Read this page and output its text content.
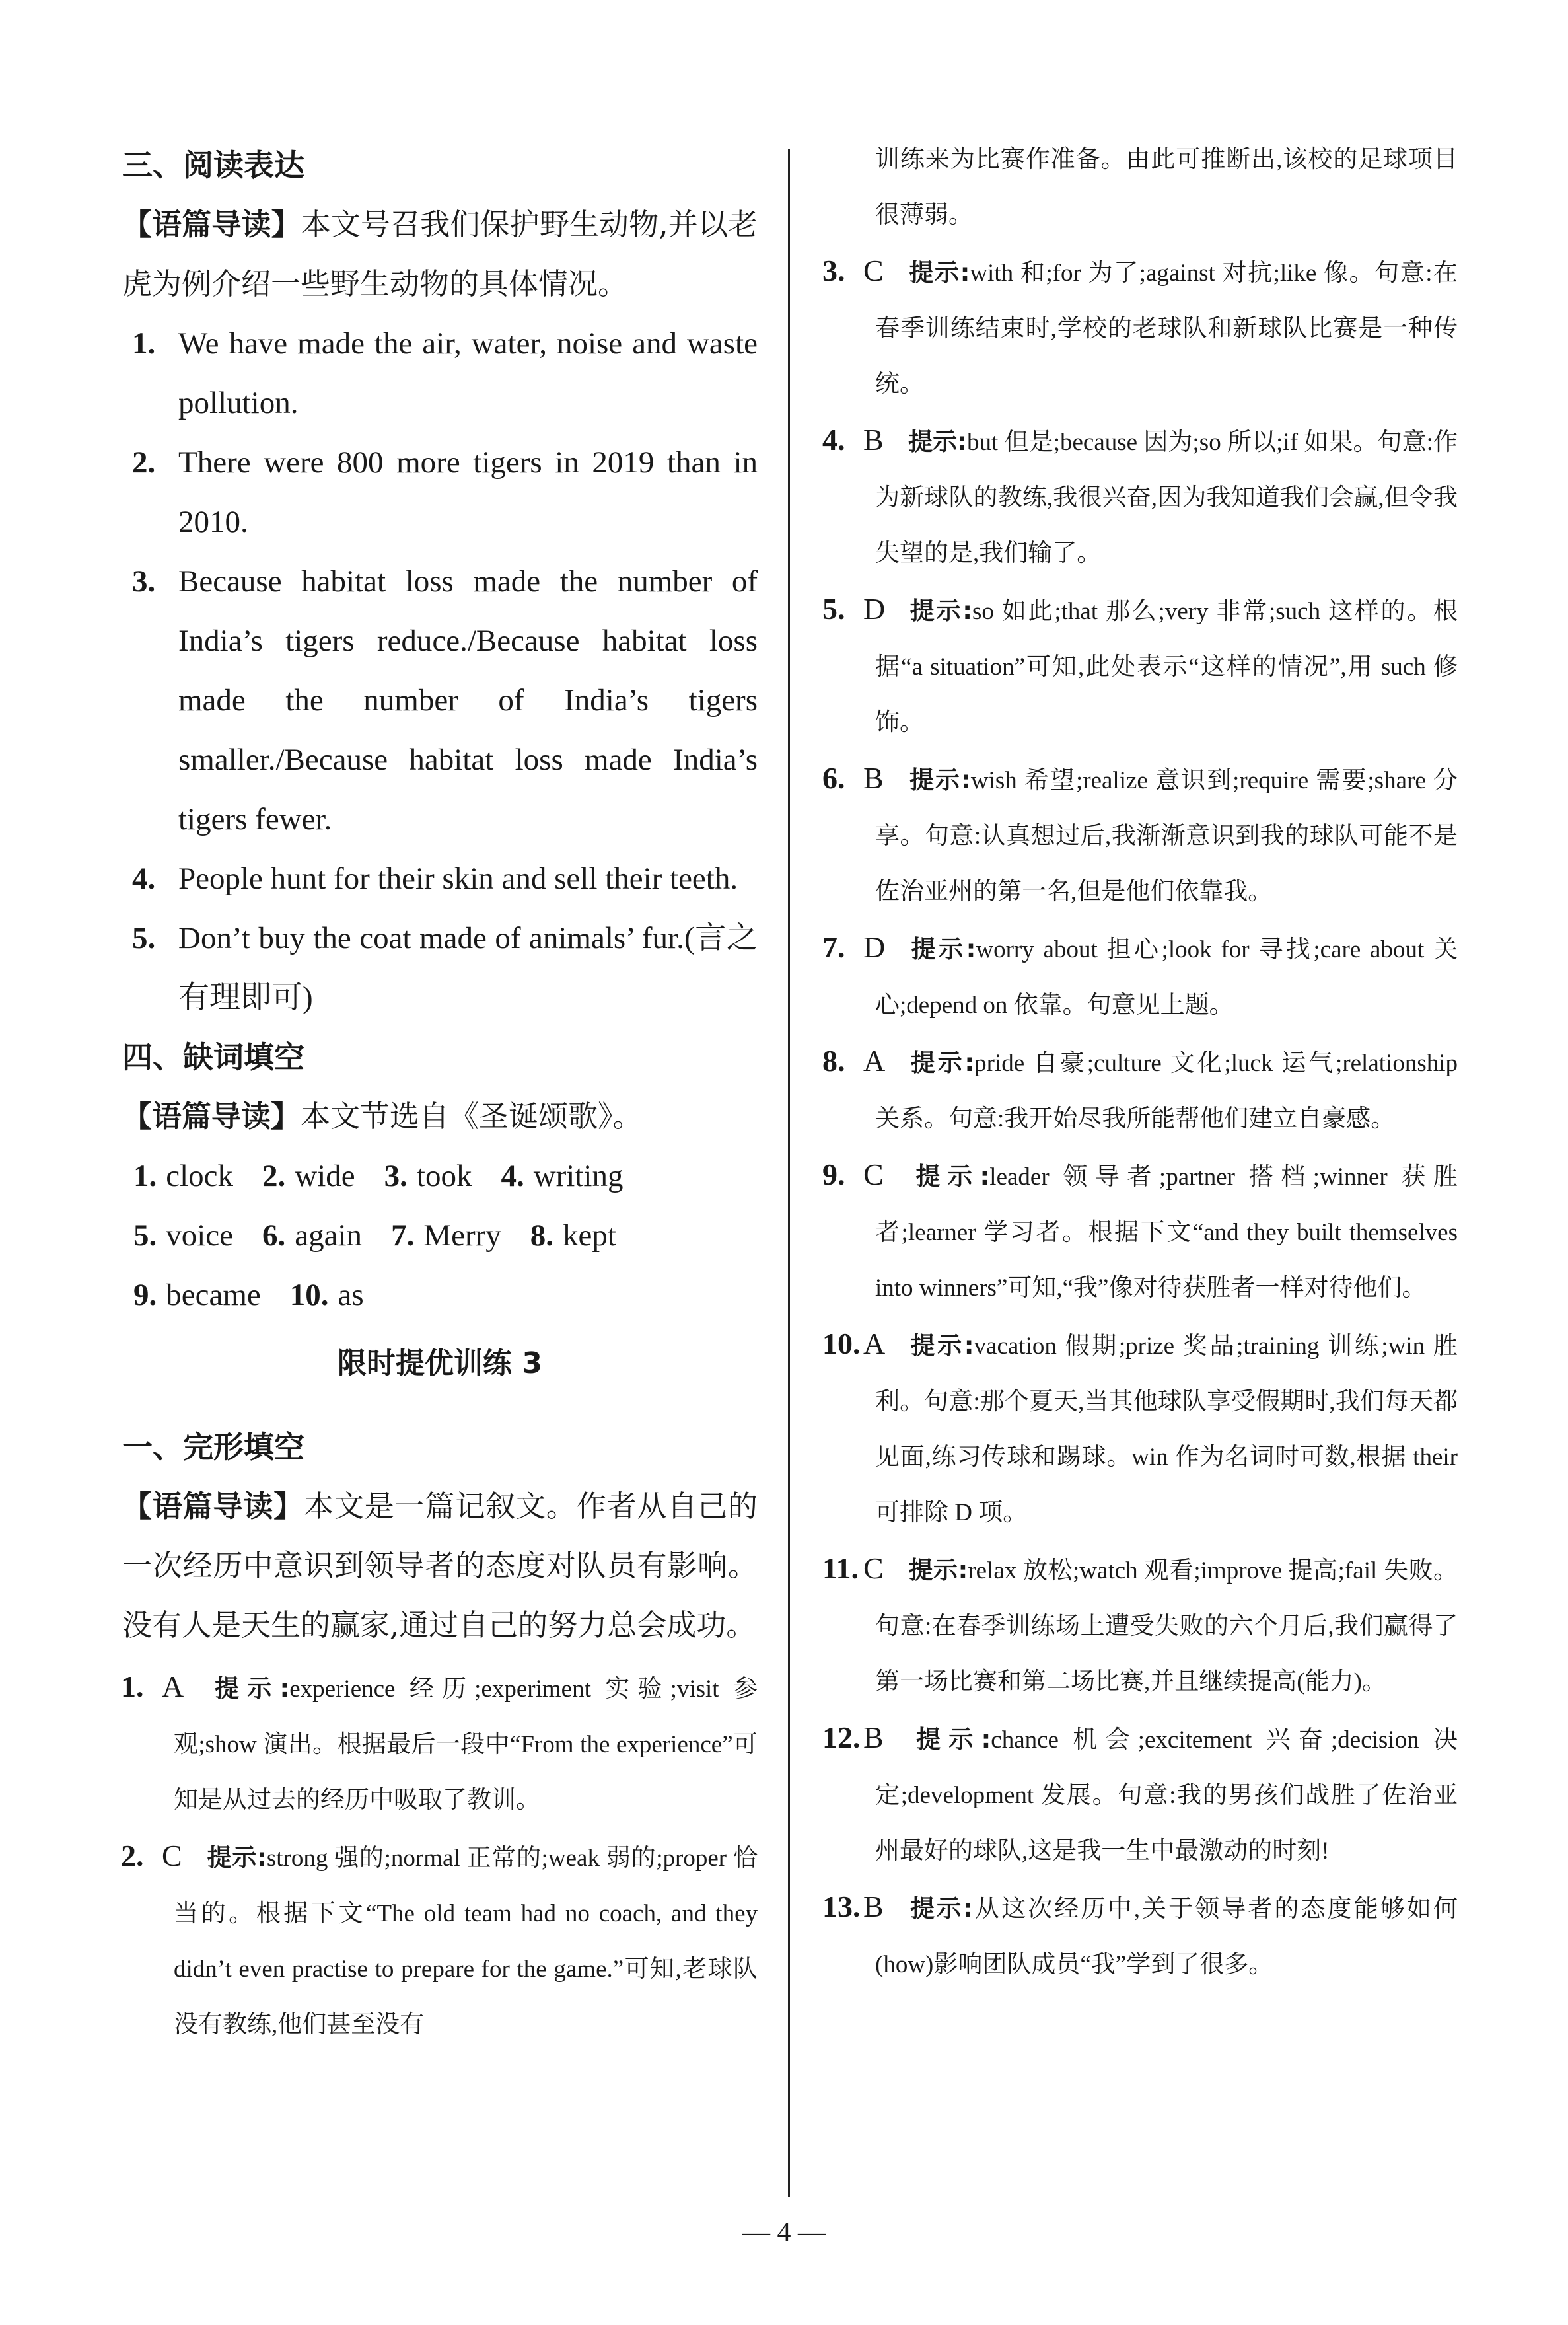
三、阅读表达
【语篇导读】本文号召我们保护野生动物,并以老虎为例介绍一些野生动物的具体情况。
1. We have made the air, water, noise and waste pollution.
2. There were 800 more tigers in 2019 than in 2010.
3. Because habitat loss made the number of India’s tigers reduce./Because habitat loss made the number of India’s tigers smaller./Because habitat loss made India’s tigers fewer.
4. People hunt for their skin and sell their teeth.
5. Don’t buy the coat made of animals’ fur.(言之有理即可)
四、缺词填空
【语篇导读】本文节选自《圣诞颂歌》。
1. clock 2. wide 3. took 4. writing
5. voice 6. again 7. Merry 8. kept
9. became 10. as
限时提优训练 3
一、完形填空
【语篇导读】本文是一篇记叙文。作者从自己的一次经历中意识到领导者的态度对队员有影响。没有人是天生的赢家,通过自己的努力总会成功。
1. A 提示:experience 经历;experiment 实验;visit 参观;show 演出。根据最后一段中“From the experience”可知是从过去的经历中吸取了教训。
2. C 提示:strong 强的;normal 正常的;weak 弱的;proper 恰当的。根据下文“The old team had no coach, and they didn’t even practise to prepare for the game.”可知,老球队没有教练,他们甚至没有
训练来为比赛作准备。由此可推断出,该校的足球项目很薄弱。
3. C 提示:with 和;for 为了;against 对抗;like 像。句意:在春季训练结束时,学校的老球队和新球队比赛是一种传统。
4. B 提示:but 但是;because 因为;so 所以;if 如果。句意:作为新球队的教练,我很兴奋,因为我知道我们会赢,但令我失望的是,我们输了。
5. D 提示:so 如此;that 那么;very 非常;such 这样的。根据“a situation”可知,此处表示“这样的情况”,用 such 修饰。
6. B 提示:wish 希望;realize 意识到;require 需要;share 分享。句意:认真想过后,我渐渐意识到我的球队可能不是佐治亚州的第一名,但是他们依靠我。
7. D 提示:worry about 担心;look for 寻找;care about 关心;depend on 依靠。句意见上题。
8. A 提示:pride 自豪;culture 文化;luck 运气;relationship 关系。句意:我开始尽我所能帮他们建立自豪感。
9. C 提示:leader 领导者;partner 搭档;winner 获胜者;learner 学习者。根据下文“and they built themselves into winners”可知,“我”像对待获胜者一样对待他们。
10.A 提示:vacation 假期;prize 奖品;training 训练;win 胜利。句意:那个夏天,当其他球队享受假期时,我们每天都见面,练习传球和踢球。win 作为名词时可数,根据 their 可排除 D 项。
11. C 提示:relax 放松;watch 观看;improve 提高;fail 失败。句意:在春季训练场上遭受失败的六个月后,我们赢得了第一场比赛和第二场比赛,并且继续提高(能力)。
12.B 提示:chance 机会;excitement 兴奋;decision 决定;development 发展。句意:我的男孩们战胜了佐治亚州最好的球队,这是我一生中最激动的时刻!
13.B 提示:从这次经历中,关于领导者的态度能够如何(how)影响团队成员“我”学到了很多。
— 4 —
